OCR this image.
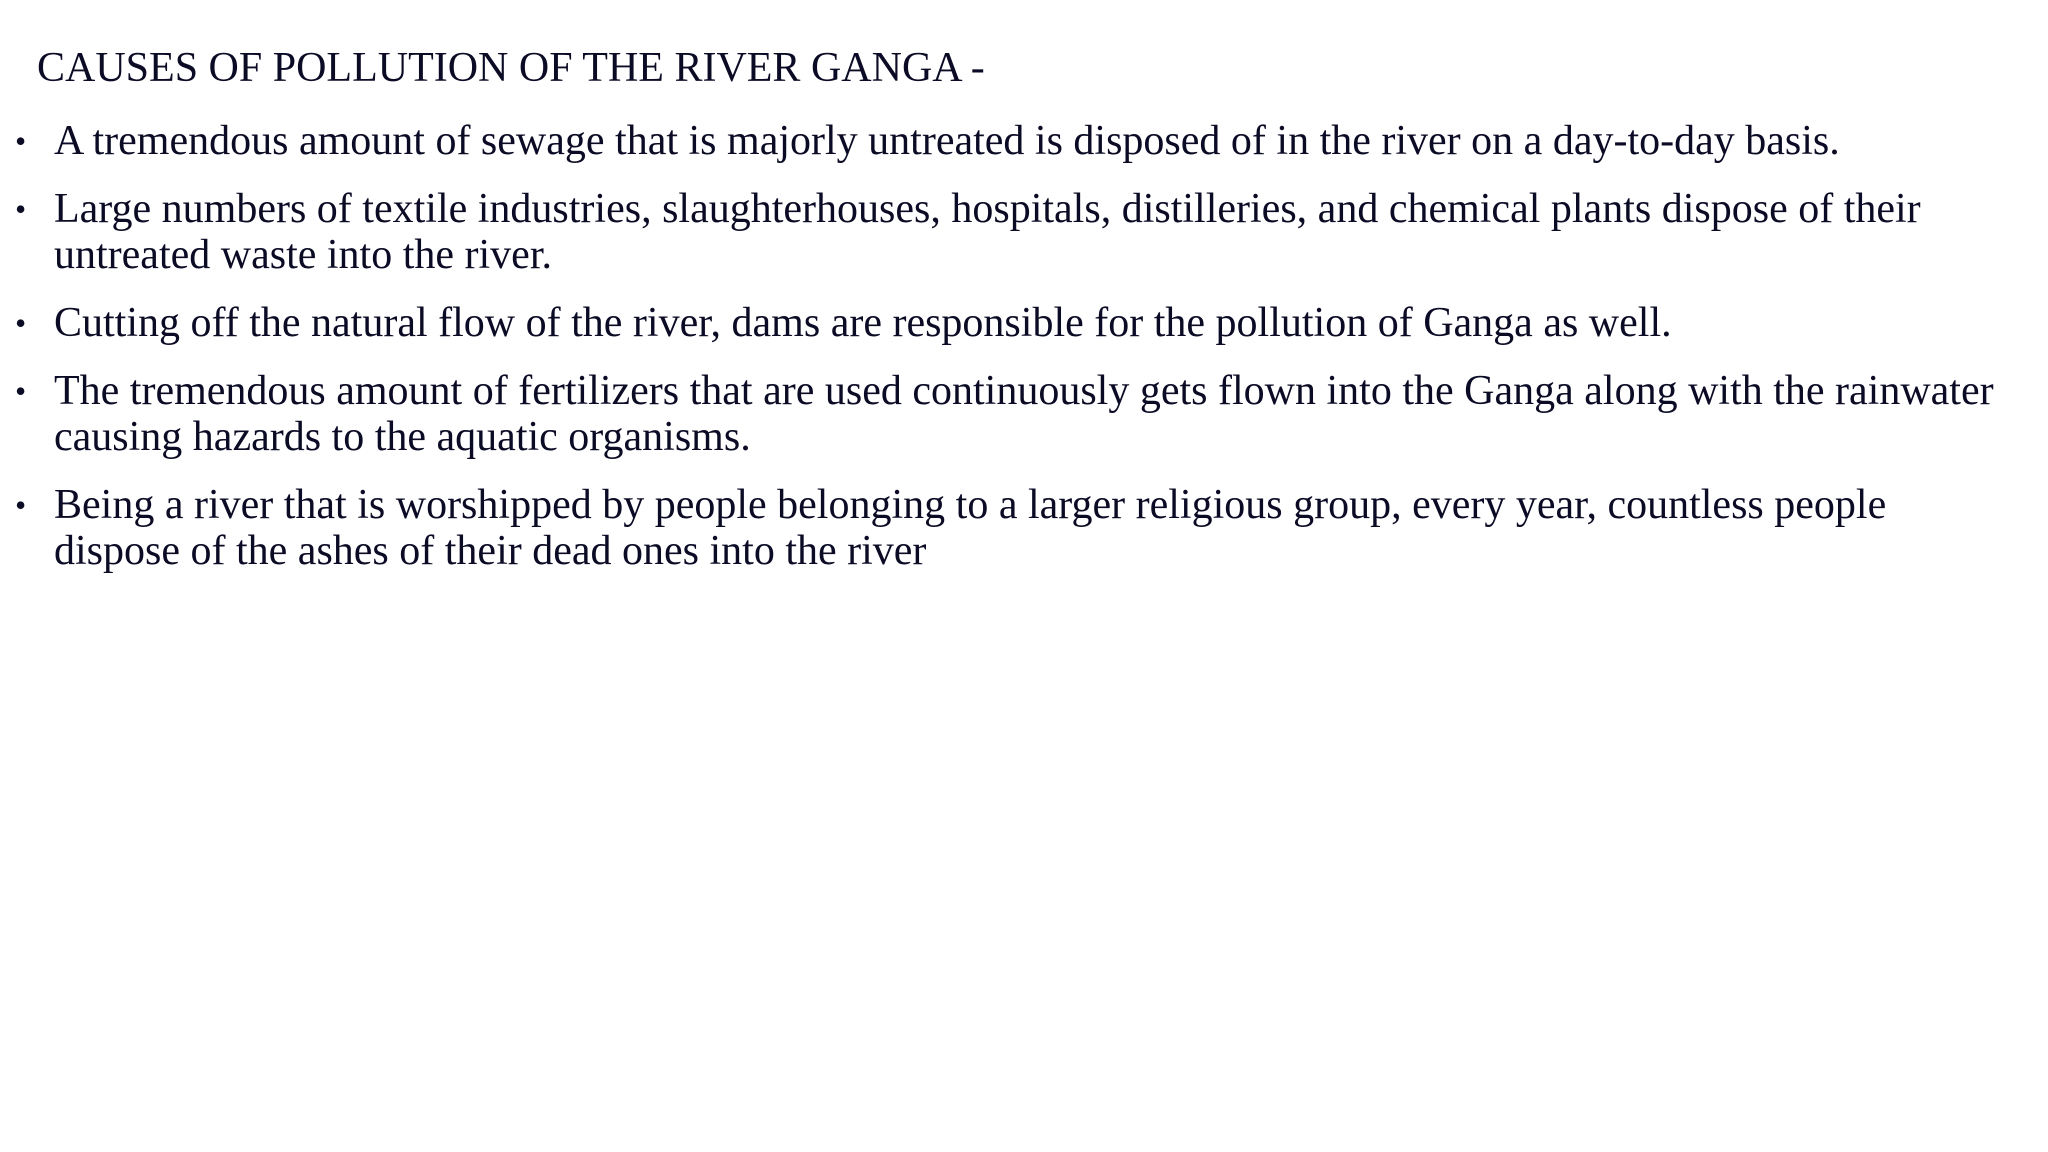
CAUSES OF POLLUTION OF THE RIVER GANGA -
• A tremendous amount of sewage that is majorly untreated is disposed of in the river on a day-to-day basis.
• Large numbers of textile industries, slaughterhouses, hospitals, distilleries, and chemical plants dispose of their untreated waste into the river.
• Cutting off the natural flow of the river, dams are responsible for the pollution of Ganga as well.
• The tremendous amount of fertilizers that are used continuously gets flown into the Ganga along with the rainwater causing hazards to the aquatic organisms.
• Being a river that is worshipped by people belonging to a larger religious group, every year, countless people dispose of the ashes of their dead ones into the river
